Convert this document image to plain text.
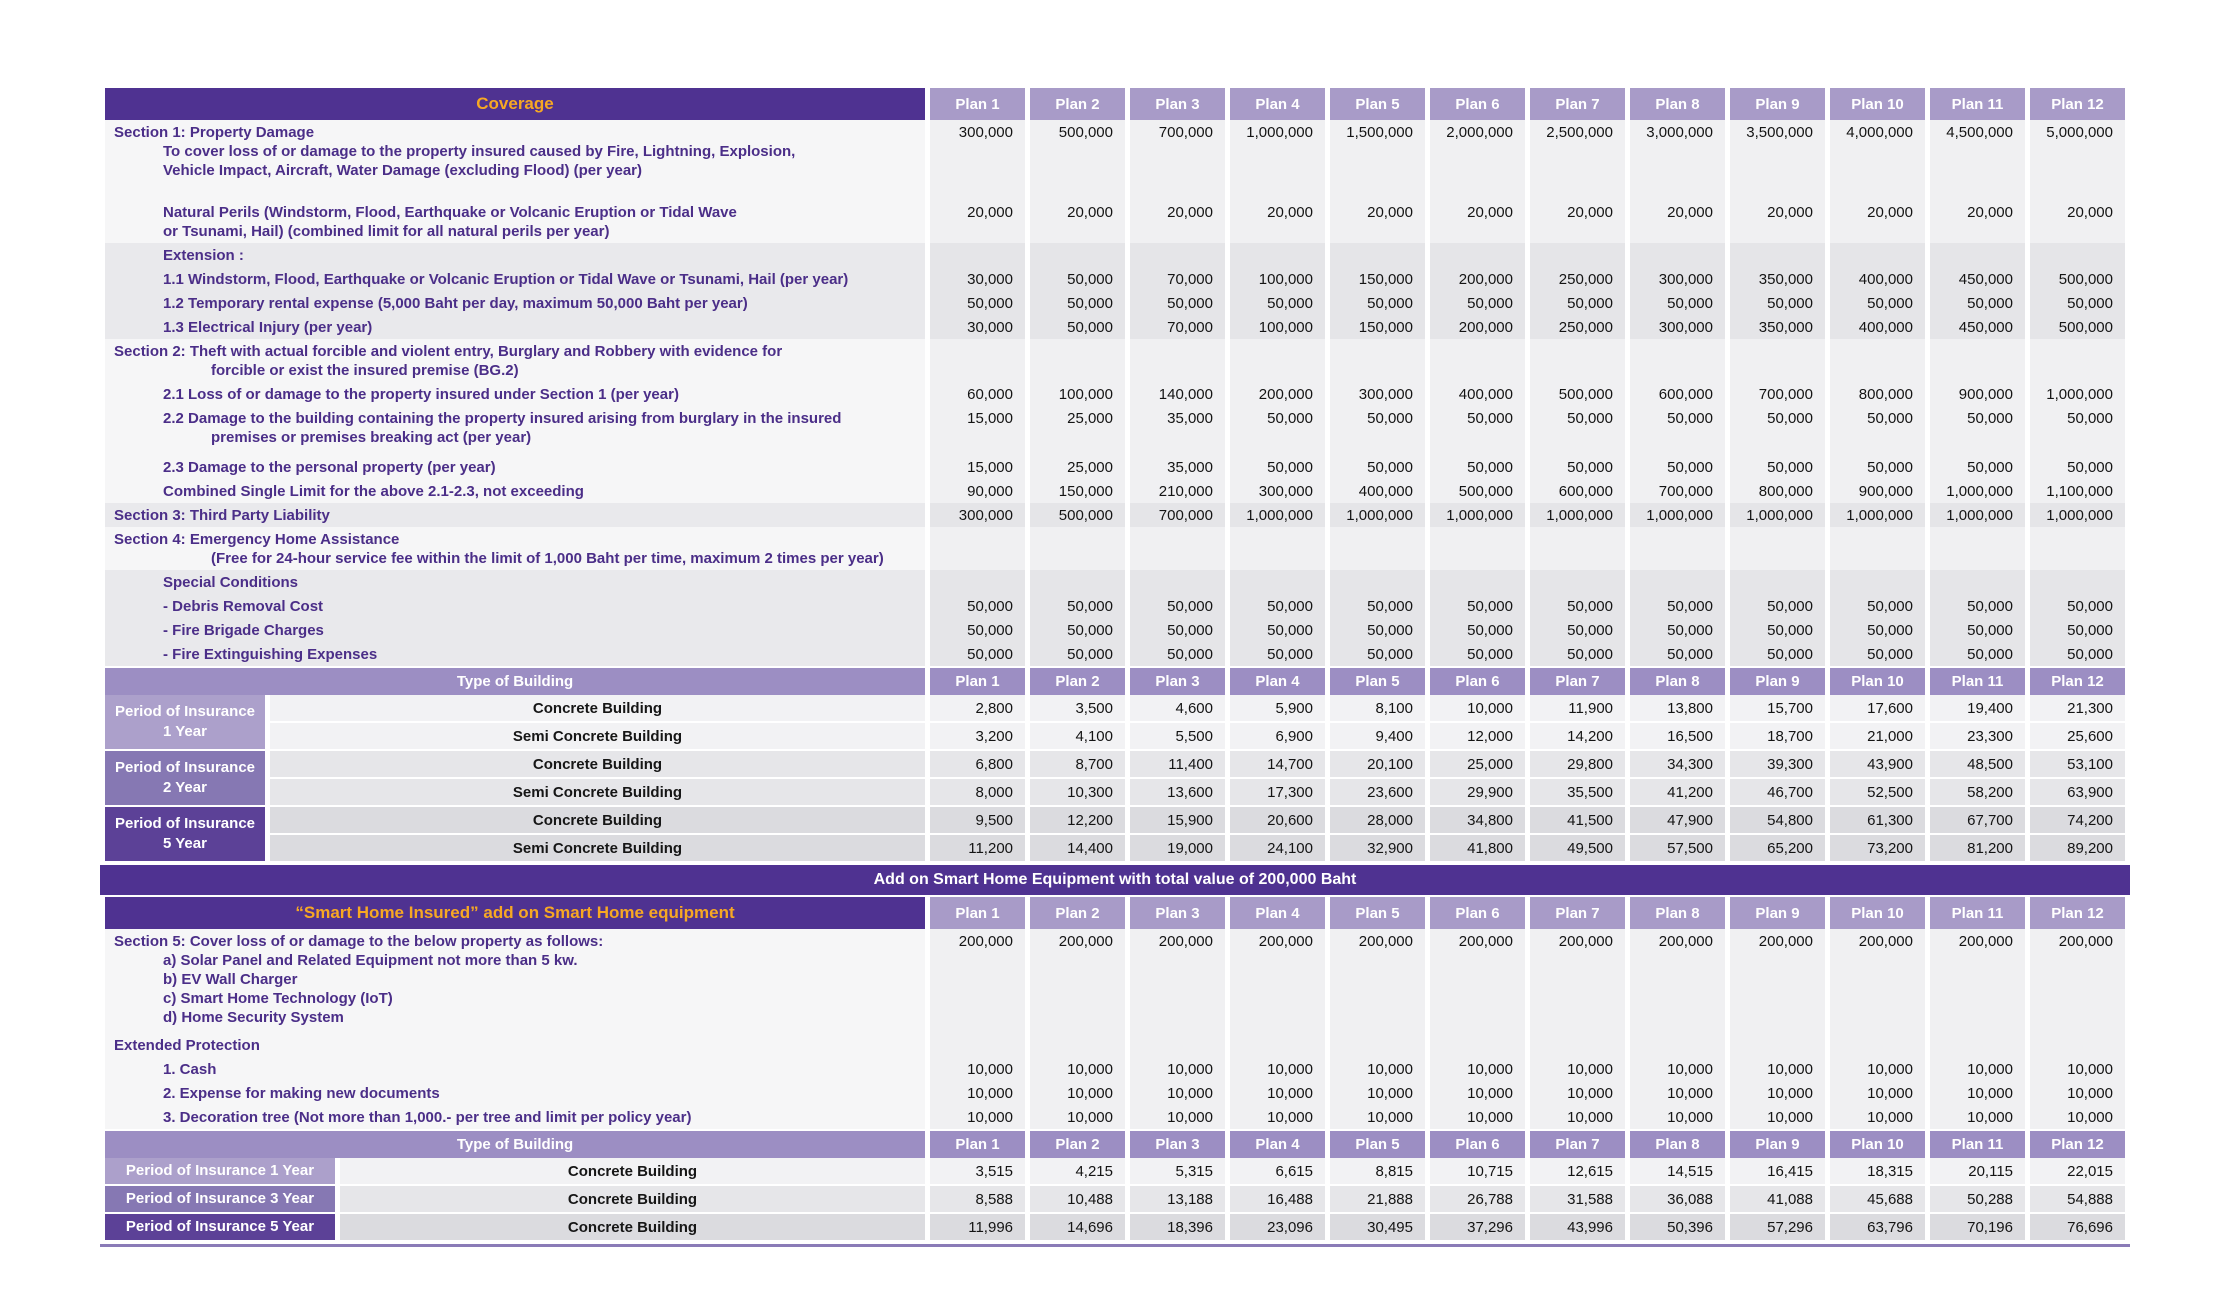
Coverage	Plan 1	Plan 2	Plan 3	Plan 4	Plan 5	Plan 6	Plan 7	Plan 8	Plan 9	Plan 10	Plan 11	Plan 12

Section 1: Property Damage
To cover loss of or damage to the property insured caused by Fire, Lightning, Explosion,
Vehicle Impact, Aircraft, Water Damage (excluding Flood) (per year)	300,000	500,000	700,000	1,000,000	1,500,000	2,000,000	2,500,000	3,000,000	3,500,000	4,000,000	4,500,000	5,000,000

Natural Perils (Windstorm, Flood, Earthquake or Volcanic Eruption or Tidal Wave
or Tsunami, Hail) (combined limit for all natural perils per year)	20,000	20,000	20,000	20,000	20,000	20,000	20,000	20,000	20,000	20,000	20,000	20,000

Extension :												

1.1 Windstorm, Flood, Earthquake or Volcanic Eruption or Tidal Wave or Tsunami, Hail (per year)	30,000	50,000	70,000	100,000	150,000	200,000	250,000	300,000	350,000	400,000	450,000	500,000

1.2 Temporary rental expense (5,000 Baht per day, maximum 50,000 Baht per year)	50,000	50,000	50,000	50,000	50,000	50,000	50,000	50,000	50,000	50,000	50,000	50,000

1.3 Electrical Injury (per year)	30,000	50,000	70,000	100,000	150,000	200,000	250,000	300,000	350,000	400,000	450,000	500,000

Section 2: Theft with actual forcible and violent entry, Burglary and Robbery with evidence for
forcible or exist the insured premise (BG.2)												

2.1 Loss of or damage to the property insured under Section 1 (per year)	60,000	100,000	140,000	200,000	300,000	400,000	500,000	600,000	700,000	800,000	900,000	1,000,000

2.2 Damage to the building containing the property insured arising from burglary in the insured
premises or premises breaking act (per year)	15,000	25,000	35,000	50,000	50,000	50,000	50,000	50,000	50,000	50,000	50,000	50,000

2.3 Damage to the personal property (per year)	15,000	25,000	35,000	50,000	50,000	50,000	50,000	50,000	50,000	50,000	50,000	50,000

Combined Single Limit for the above 2.1-2.3, not exceeding	90,000	150,000	210,000	300,000	400,000	500,000	600,000	700,000	800,000	900,000	1,000,000	1,100,000

Section 3: Third Party Liability	300,000	500,000	700,000	1,000,000	1,000,000	1,000,000	1,000,000	1,000,000	1,000,000	1,000,000	1,000,000	1,000,000

Section 4: Emergency Home Assistance
(Free for 24-hour service fee within the limit of 1,000 Baht per time, maximum 2 times per year)												

Special Conditions												

- Debris Removal Cost	50,000	50,000	50,000	50,000	50,000	50,000	50,000	50,000	50,000	50,000	50,000	50,000

- Fire Brigade Charges	50,000	50,000	50,000	50,000	50,000	50,000	50,000	50,000	50,000	50,000	50,000	50,000

- Fire Extinguishing Expenses	50,000	50,000	50,000	50,000	50,000	50,000	50,000	50,000	50,000	50,000	50,000	50,000
Type of Building		Plan 1	Plan 2	Plan 3	Plan 4	Plan 5	Plan 6	Plan 7	Plan 8	Plan 9	Plan 10	Plan 11	Plan 12

Period of Insurance
1 Year	Concrete Building	2,800	3,500	4,600	5,900	8,100	10,000	11,900	13,800	15,700	17,600	19,400	21,300
	Semi Concrete Building	3,200	4,100	5,500	6,900	9,400	12,000	14,200	16,500	18,700	21,000	23,300	25,600

Period of Insurance
2 Year	Concrete Building	6,800	8,700	11,400	14,700	20,100	25,000	29,800	34,300	39,300	43,900	48,500	53,100
	Semi Concrete Building	8,000	10,300	13,600	17,300	23,600	29,900	35,500	41,200	46,700	52,500	58,200	63,900

Period of Insurance
5 Year	Concrete Building	9,500	12,200	15,900	20,600	28,000	34,800	41,500	47,900	54,800	61,300	67,700	74,200
	Semi Concrete Building	11,200	14,400	19,000	24,100	32,900	41,800	49,500	57,500	65,200	73,200	81,200	89,200
Add on Smart Home Equipment with total value of 200,000 Baht
“Smart Home Insured” add on Smart Home equipment	Plan 1	Plan 2	Plan 3	Plan 4	Plan 5	Plan 6	Plan 7	Plan 8	Plan 9	Plan 10	Plan 11	Plan 12

Section 5: Cover loss of or damage to the below property as follows:
a) Solar Panel and Related Equipment not more than 5 kw.
b) EV Wall Charger
c) Smart Home Technology (IoT)
d) Home Security System	200,000	200,000	200,000	200,000	200,000	200,000	200,000	200,000	200,000	200,000	200,000	200,000

Extended Protection												

1. Cash	10,000	10,000	10,000	10,000	10,000	10,000	10,000	10,000	10,000	10,000	10,000	10,000

2. Expense for making new documents	10,000	10,000	10,000	10,000	10,000	10,000	10,000	10,000	10,000	10,000	10,000	10,000

3. Decoration tree (Not more than 1,000.- per tree and limit per policy year)	10,000	10,000	10,000	10,000	10,000	10,000	10,000	10,000	10,000	10,000	10,000	10,000
Type of Building		Plan 1	Plan 2	Plan 3	Plan 4	Plan 5	Plan 6	Plan 7	Plan 8	Plan 9	Plan 10	Plan 11	Plan 12

Period of Insurance 1 Year	Concrete Building	3,515	4,215	5,315	6,615	8,815	10,715	12,615	14,515	16,415	18,315	20,115	22,015

Period of Insurance 3 Year	Concrete Building	8,588	10,488	13,188	16,488	21,888	26,788	31,588	36,088	41,088	45,688	50,288	54,888

Period of Insurance 5 Year	Concrete Building	11,996	14,696	18,396	23,096	30,495	37,296	43,996	50,396	57,296	63,796	70,196	76,696
